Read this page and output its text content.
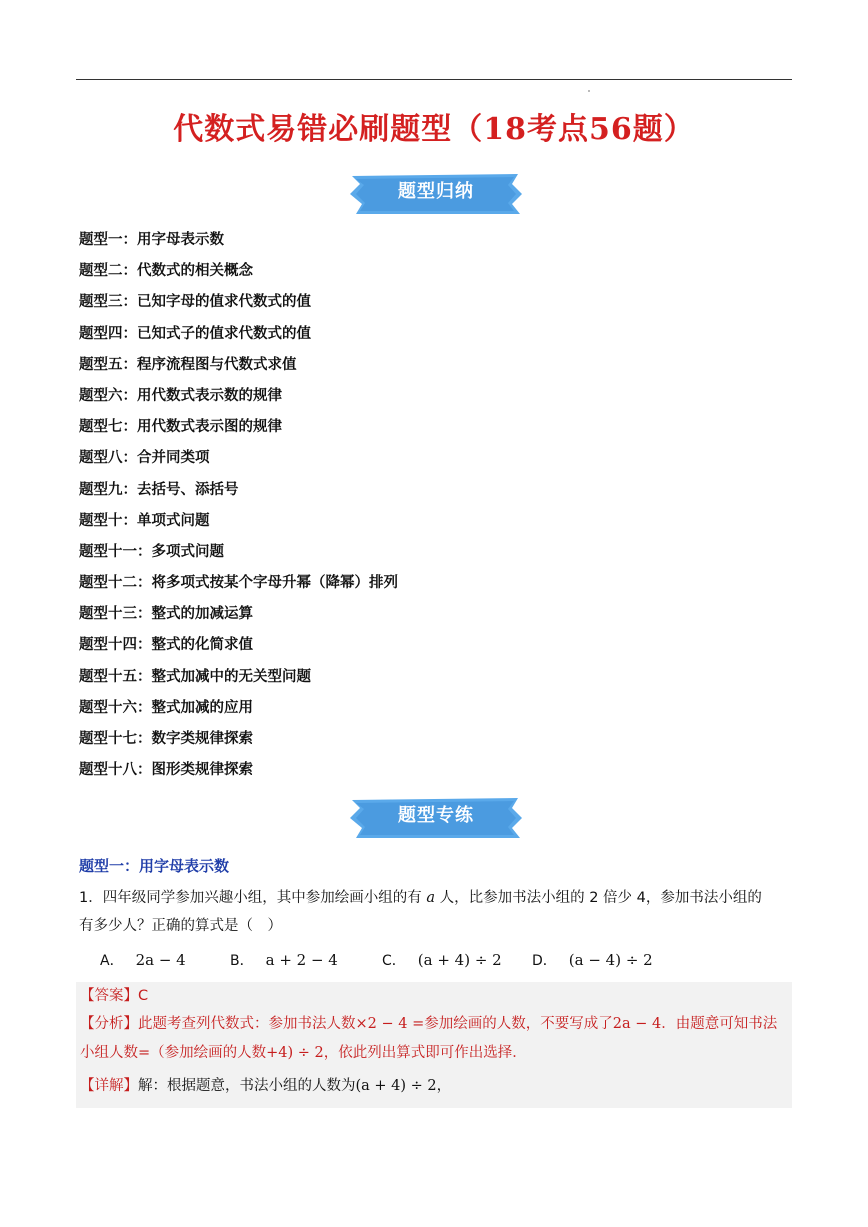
代数式易错必刷题型（18考点56题）
题型归纳
题型一：用字母表示数
题型二：代数式的相关概念
题型三：已知字母的值求代数式的值
题型四：已知式子的值求代数式的值
题型五：程序流程图与代数式求值
题型六：用代数式表示数的规律
题型七：用代数式表示图的规律
题型八：合并同类项
题型九：去括号、添括号
题型十：单项式问题
题型十一：多项式问题
题型十二：将多项式按某个字母升幂（降幂）排列
题型十三：整式的加减运算
题型十四：整式的化简求值
题型十五：整式加减中的无关型问题
题型十六：整式加减的应用
题型十七：数字类规律探索
题型十八：图形类规律探索
题型专练
题型一：用字母表示数
1．四年级同学参加兴趣小组，其中参加绘画小组的有 a 人，比参加书法小组的 2 倍少 4，参加书法小组的
有多少人？正确的算式是（　）
A． 2a − 4	B． a + 2 − 4	C． (a + 4) ÷ 2 D． (a − 4) ÷ 2
【答案】C
【分析】此题考查列代数式：参加书法人数×2 − 4 =参加绘画的人数，不要写成了2a − 4．由题意可知书法
小组人数=（参加绘画的人数+4) ÷ 2，依此列出算式即可作出选择．
【详解】解：根据题意，书法小组的人数为(a + 4) ÷ 2，
